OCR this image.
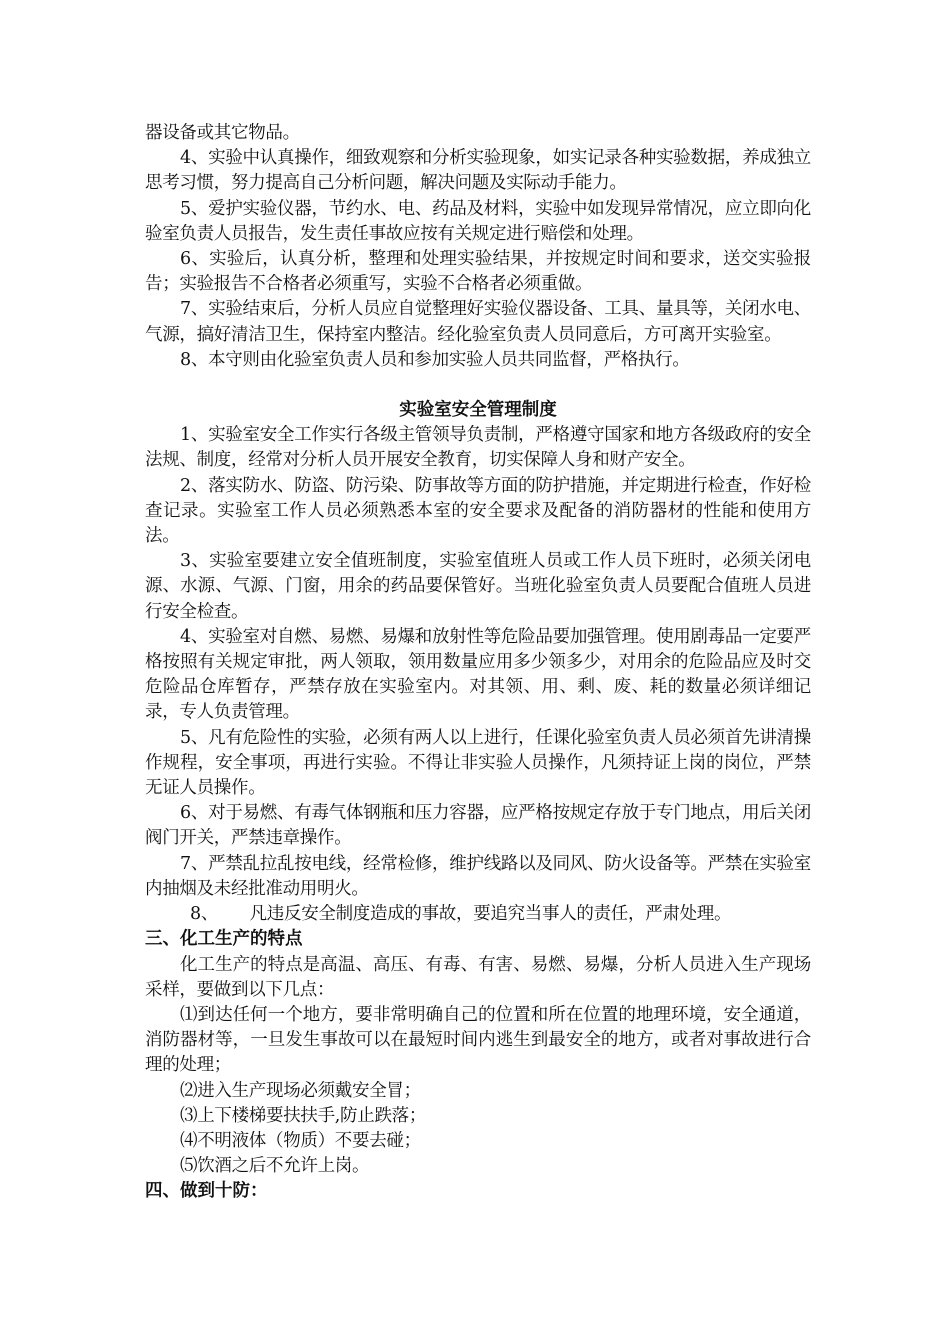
器设备或其它物品。

4、实验中认真操作，细致观察和分析实验现象，如实记录各种实验数据，养成独立思考习惯，努力提高自己分析问题，解决问题及实际动手能力。

5、爱护实验仪器，节约水、电、药品及材料，实验中如发现异常情况，应立即向化验室负责人员报告，发生责任事故应按有关规定进行赔偿和处理。

6、实验后，认真分析，整理和处理实验结果，并按规定时间和要求，送交实验报告；实验报告不合格者必须重写，实验不合格者必须重做。

7、实验结束后，分析人员应自觉整理好实验仪器设备、工具、量具等，关闭水电、气源，搞好清洁卫生，保持室内整洁。经化验室负责人员同意后，方可离开实验室。

8、本守则由化验室负责人员和参加实验人员共同监督，严格执行。

实验室安全管理制度

1、实验室安全工作实行各级主管领导负责制，严格遵守国家和地方各级政府的安全法规、制度，经常对分析人员开展安全教育，切实保障人身和财产安全。

2、落实防水、防盗、防污染、防事故等方面的防护措施，并定期进行检查，作好检查记录。实验室工作人员必须熟悉本室的安全要求及配备的消防器材的性能和使用方法。

3、实验室要建立安全值班制度，实验室值班人员或工作人员下班时，必须关闭电源、水源、气源、门窗，用余的药品要保管好。当班化验室负责人员要配合值班人员进行安全检查。

4、实验室对自燃、易燃、易爆和放射性等危险品要加强管理。使用剧毒品一定要严格按照有关规定审批，两人领取，领用数量应用多少领多少，对用余的危险品应及时交危险品仓库暂存，严禁存放在实验室内。对其领、用、剩、废、耗的数量必须详细记录，专人负责管理。

5、凡有危险性的实验，必须有两人以上进行，任课化验室负责人员必须首先讲清操作规程，安全事项，再进行实验。不得让非实验人员操作，凡须持证上岗的岗位，严禁无证人员操作。

6、对于易燃、有毒气体钢瓶和压力容器，应严格按规定存放于专门地点，用后关闭阀门开关，严禁违章操作。

7、严禁乱拉乱按电线，经常检修，维护线路以及同风、防火设备等。严禁在实验室内抽烟及未经批准动用明火。

8、      凡违反安全制度造成的事故，要追究当事人的责任，严肃处理。

三、化工生产的特点

化工生产的特点是高温、高压、有毒、有害、易燃、易爆，分析人员进入生产现场采样，要做到以下几点：

⑴到达任何一个地方，要非常明确自己的位置和所在位置的地理环境，安全通道，消防器材等，一旦发生事故可以在最短时间内逃生到最安全的地方，或者对事故进行合理的处理；

⑵进入生产现场必须戴安全冒；

⑶上下楼梯要扶扶手,防止跌落；

⑷不明液体（物质）不要去碰；

⑸饮酒之后不允许上岗。

四、做到十防：
